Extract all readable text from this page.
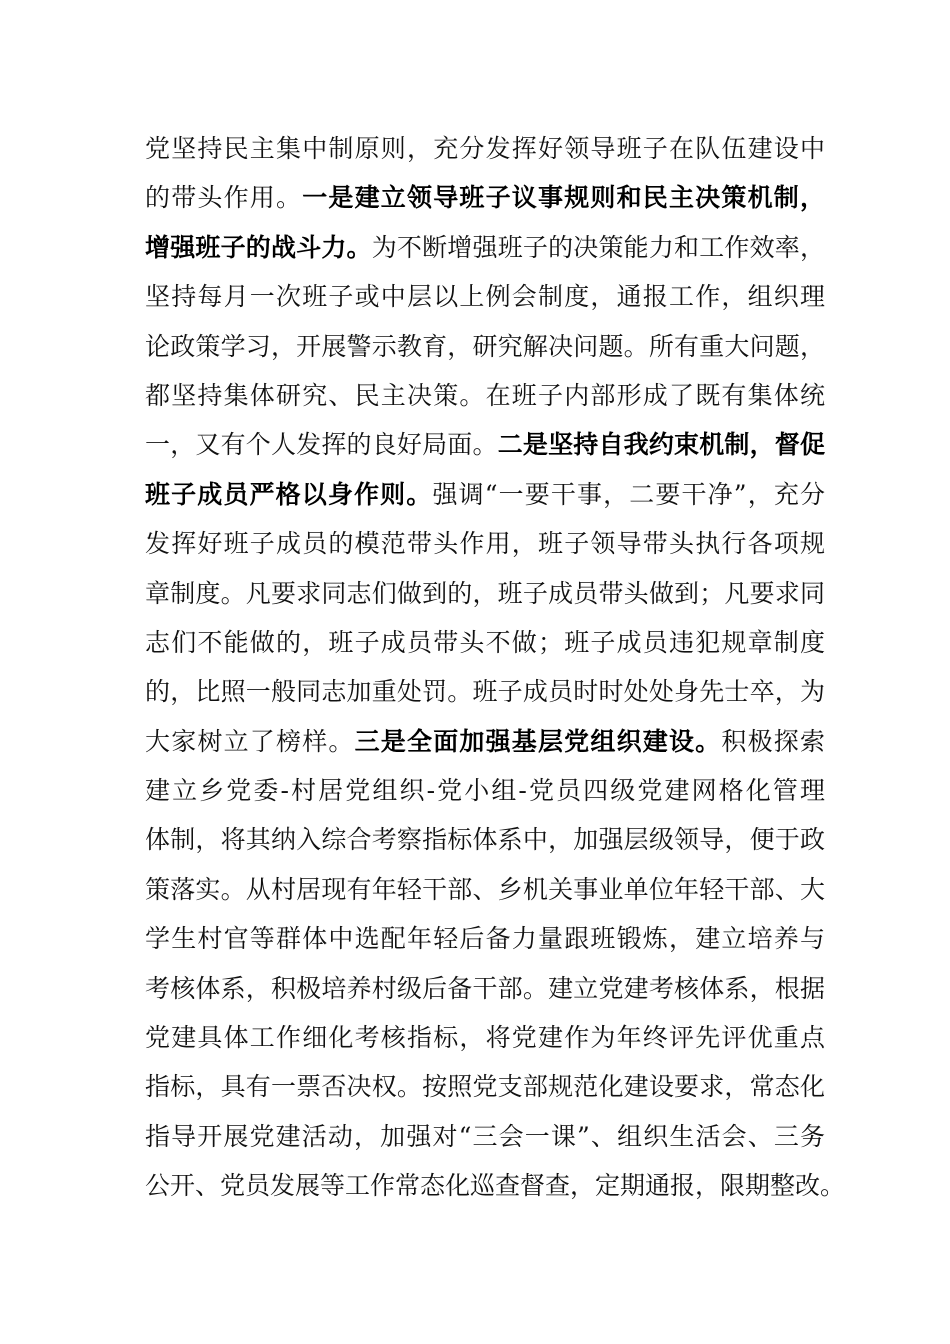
党坚持民主集中制原则，充分发挥好领导班子在队伍建设中
的带头作用。一是建立领导班子议事规则和民主决策机制，
增强班子的战斗力。为不断增强班子的决策能力和工作效率，
坚持每月一次班子或中层以上例会制度，通报工作，组织理
论政策学习，开展警示教育，研究解决问题。所有重大问题，
都坚持集体研究、民主决策。在班子内部形成了既有集体统
一，又有个人发挥的良好局面。二是坚持自我约束机制，督促
班子成员严格以身作则。强调“一要干事，二要干净”，充分
发挥好班子成员的模范带头作用，班子领导带头执行各项规
章制度。凡要求同志们做到的，班子成员带头做到；凡要求同
志们不能做的，班子成员带头不做；班子成员违犯规章制度
的，比照一般同志加重处罚。班子成员时时处处身先士卒，为
大家树立了榜样。三是全面加强基层党组织建设。积极探索
建立乡党委-村居党组织-党小组-党员四级党建网格化管理
体制，将其纳入综合考察指标体系中，加强层级领导，便于政
策落实。从村居现有年轻干部、乡机关事业单位年轻干部、大
学生村官等群体中选配年轻后备力量跟班锻炼，建立培养与
考核体系，积极培养村级后备干部。建立党建考核体系，根据
党建具体工作细化考核指标，将党建作为年终评先评优重点
指标，具有一票否决权。按照党支部规范化建设要求，常态化
指导开展党建活动，加强对“三会一课”、组织生活会、三务
公开、党员发展等工作常态化巡查督查，定期通报，限期整改。
